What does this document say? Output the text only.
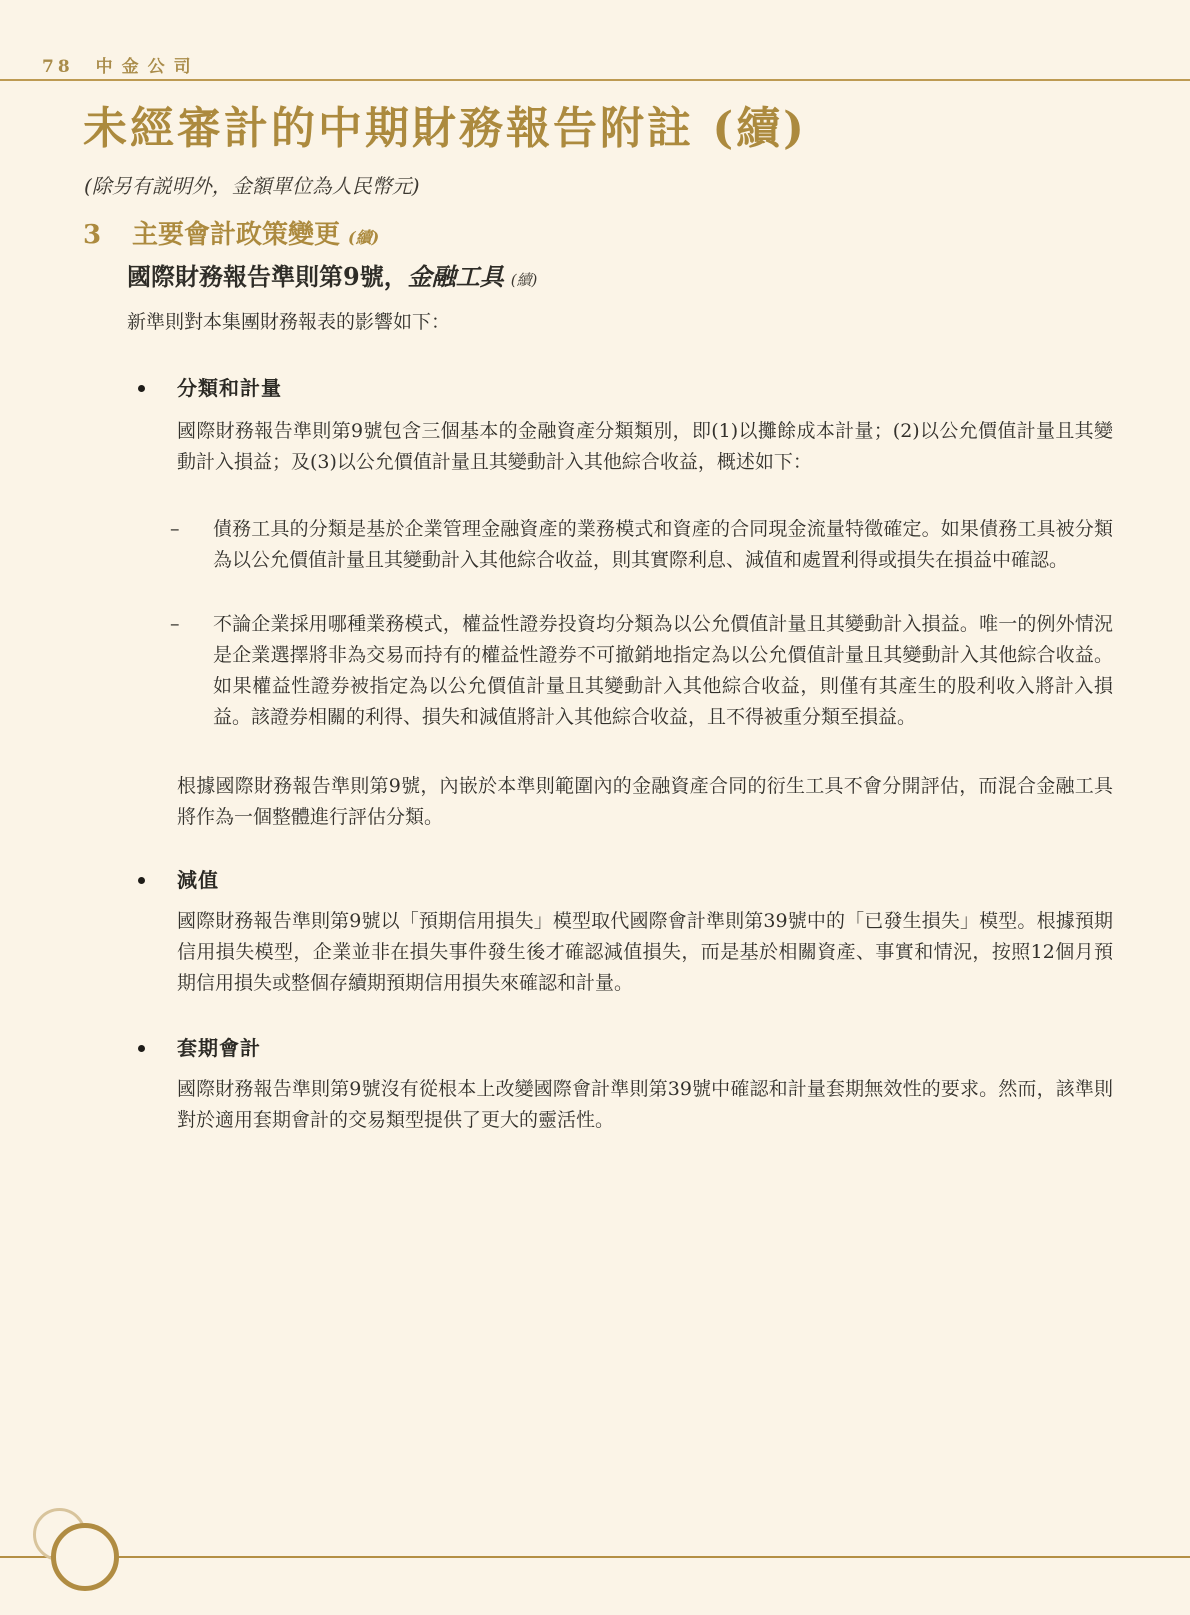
78 中金公司
未經審計的中期財務報告附註 (續)
(除另有説明外，金額單位為人民幣元)
3 主要會計政策變更 (續)
國際財務報告準則第9號，金融工具 (續)
新準則對本集團財務報表的影響如下：
分類和計量

國際財務報告準則第9號包含三個基本的金融資產分類類別，即(1)以攤餘成本計量；(2)以公允價值計量且其變動計入損益；及(3)以公允價值計量且其變動計入其他綜合收益，概述如下：

– 債務工具的分類是基於企業管理金融資產的業務模式和資產的合同現金流量特徵確定。如果債務工具被分類為以公允價值計量且其變動計入其他綜合收益，則其實際利息、減值和處置利得或損失在損益中確認。

– 不論企業採用哪種業務模式，權益性證券投資均分類為以公允價值計量且其變動計入損益。唯一的例外情況是企業選擇將非為交易而持有的權益性證券不可撤銷地指定為以公允價值計量且其變動計入其他綜合收益。如果權益性證券被指定為以公允價值計量且其變動計入其他綜合收益，則僅有其產生的股利收入將計入損益。該證券相關的利得、損失和減值將計入其他綜合收益，且不得被重分類至損益。

根據國際財務報告準則第9號，內嵌於本準則範圍內的金融資產合同的衍生工具不會分開評估，而混合金融工具將作為一個整體進行評估分類。

減值

國際財務報告準則第9號以「預期信用損失」模型取代國際會計準則第39號中的「已發生損失」模型。根據預期信用損失模型，企業並非在損失事件發生後才確認減值損失，而是基於相關資產、事實和情況，按照12個月預期信用損失或整個存續期預期信用損失來確認和計量。

套期會計

國際財務報告準則第9號沒有從根本上改變國際會計準則第39號中確認和計量套期無效性的要求。然而，該準則對於適用套期會計的交易類型提供了更大的靈活性。
